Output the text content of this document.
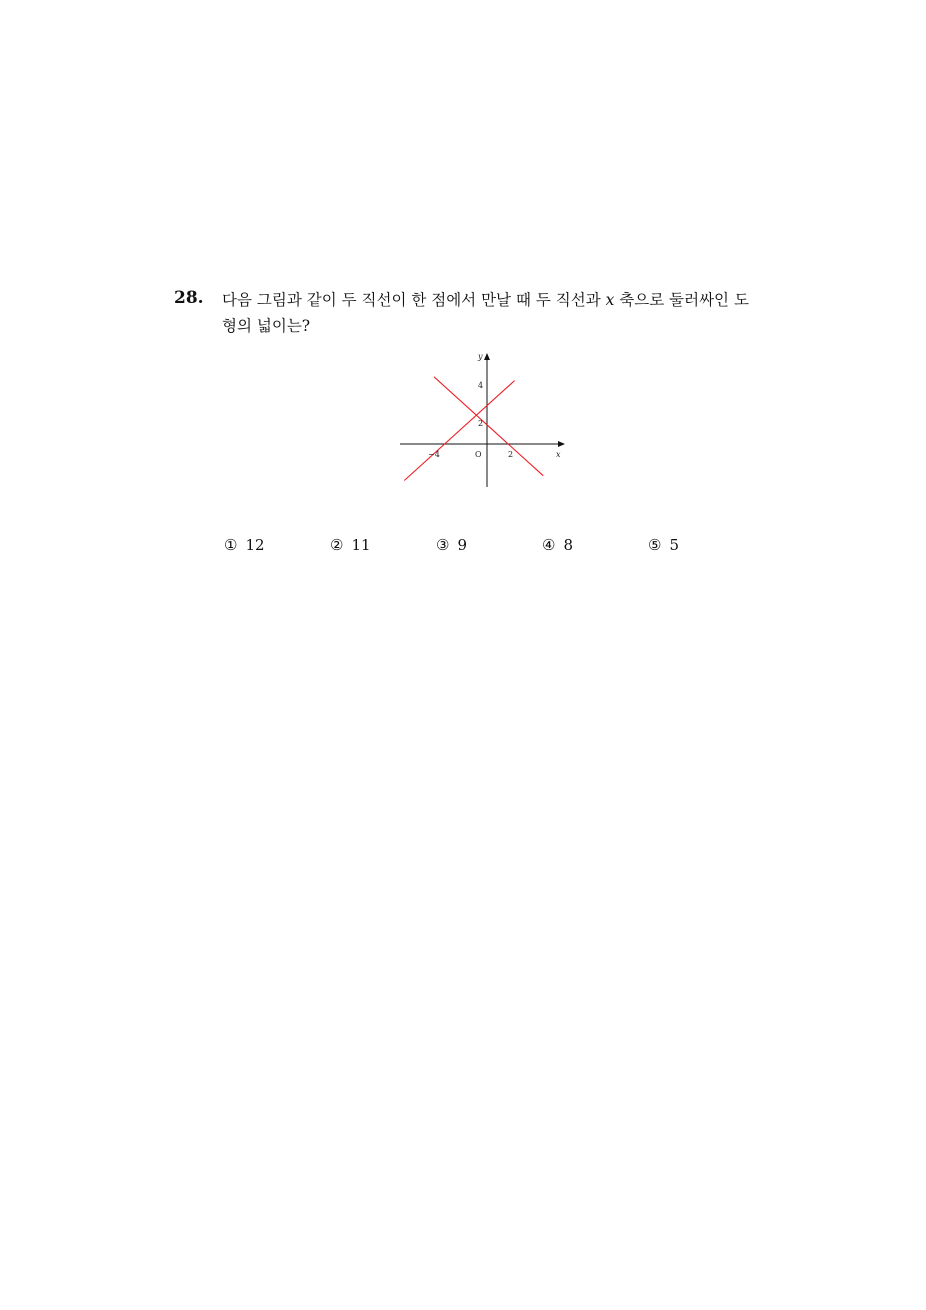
28. 다음 그림과 같이 두 직선이 한 점에서 만날 때 두 직선과 x 축으로 둘러싸인 도형의 넓이는?
y
x
4
2
−4	O	2
① 12	② 11	③ 9	④ 8	⑤ 5
